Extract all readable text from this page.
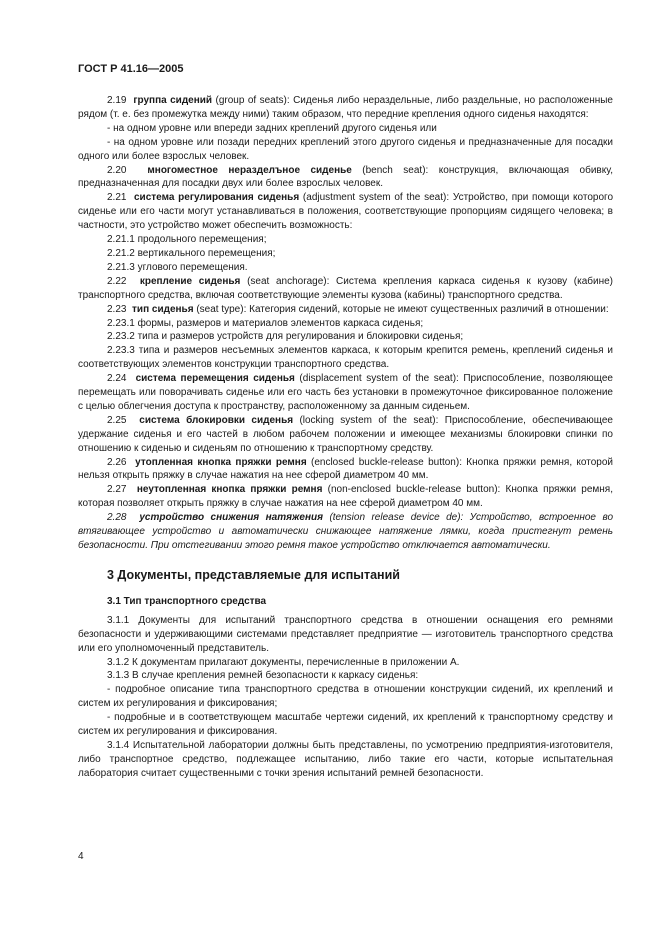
ГОСТ Р 41.16—2005

2.19 группа сидений (group of seats): Сиденья либо нераздельные, либо раздельные, но расположенные рядом (т. е. без промежутка между ними) таким образом, что передние крепления одного сиденья находятся:

- на одном уровне или впереди задних креплений другого сиденья или

- на одном уровне или позади передних креплений этого другого сиденья и предназначенные для посадки одного или более взрослых человек.

2.20 многоместное неразделъное сиденье (bench seat): конструкция, включающая обивку, предназначенная для посадки двух или более взрослых человек.

2.21 система регулирования сиденья (adjustment system of the seat): Устройство, при помощи которого сиденье или его части могут устанавливаться в положения, соответствующие пропорциям сидящего человека; в частности, это устройство может обеспечить возможность:

2.21.1 продольного перемещения;

2.21.2 вертикального перемещения;

2.21.3 углового перемещения.

2.22 крепление сиденья (seat anchorage): Система крепления каркаса сиденья к кузову (кабине) транспортного средства, включая соответствующие элементы кузова (кабины) транспортного средства.

2.23 тип сиденья (seat type): Категория сидений, которые не имеют существенных различий в отношении:

2.23.1 формы, размеров и материалов элементов каркаса сиденья;

2.23.2 типа и размеров устройств для регулирования и блокировки сиденья;

2.23.3 типа и размеров несъемных элементов каркаса, к которым крепится ремень, креплений сиденья и соответствующих элементов конструкции транспортного средства.

2.24 система перемещения сиденья (displacement system of the seat): Приспособление, позволяющее перемещать или поворачивать сиденье или его часть без установки в промежуточное фиксированное положение с целью облегчения доступа к пространству, расположенному за данным сиденьем.

2.25 система блокировки сиденья (locking system of the seat): Приспособление, обеспечивающее удержание сиденья и его частей в любом рабочем положении и имеющее механизмы блокировки спинки по отношению к сиденью и сиденьям по отношению к транспортному средству.

2.26 утопленная кнопка пряжки ремня (enclosed buckle-release button): Кнопка пряжки ремня, которой нельзя открыть пряжку в случае нажатия на нее сферой диаметром 40 мм.

2.27 неутопленная кнопка пряжки ремня (non-enclosed buckle-release button): Кнопка пряжки ремня, которая позволяет открыть пряжку в случае нажатия на нее сферой диаметром 40 мм.

2.28 устройство снижения натяжения (tension release device de): Устройство, встроенное во втягивающее устройство и автоматически снижающее натяжение лямки, когда пристегнут ремень безопасности. При отстегивании этого ремня такое устройство отключается автоматически.

3 Документы, представляемые для испытаний
3.1 Тип транспортного средства

3.1.1 Документы для испытаний транспортного средства в отношении оснащения его ремнями безопасности и удерживающими системами представляет предприятие — изготовитель транспортного средства или его уполномоченный представитель.

3.1.2 К документам прилагают документы, перечисленные в приложении А.

3.1.3 В случае крепления ремней безопасности к каркасу сиденья:

- подробное описание типа транспортного средства в отношении конструкции сидений, их креплений и систем их регулирования и фиксирования;

- подробные и в соответствующем масштабе чертежи сидений, их креплений к транспортному средству и систем их регулирования и фиксирования.

3.1.4 Испытательной лаборатории должны быть представлены, по усмотрению предприятия-изготовителя, либо транспортное средство, подлежащее испытанию, либо такие его части, которые испытательная лаборатория считает существенными с точки зрения испытаний ремней безопасности.

4
